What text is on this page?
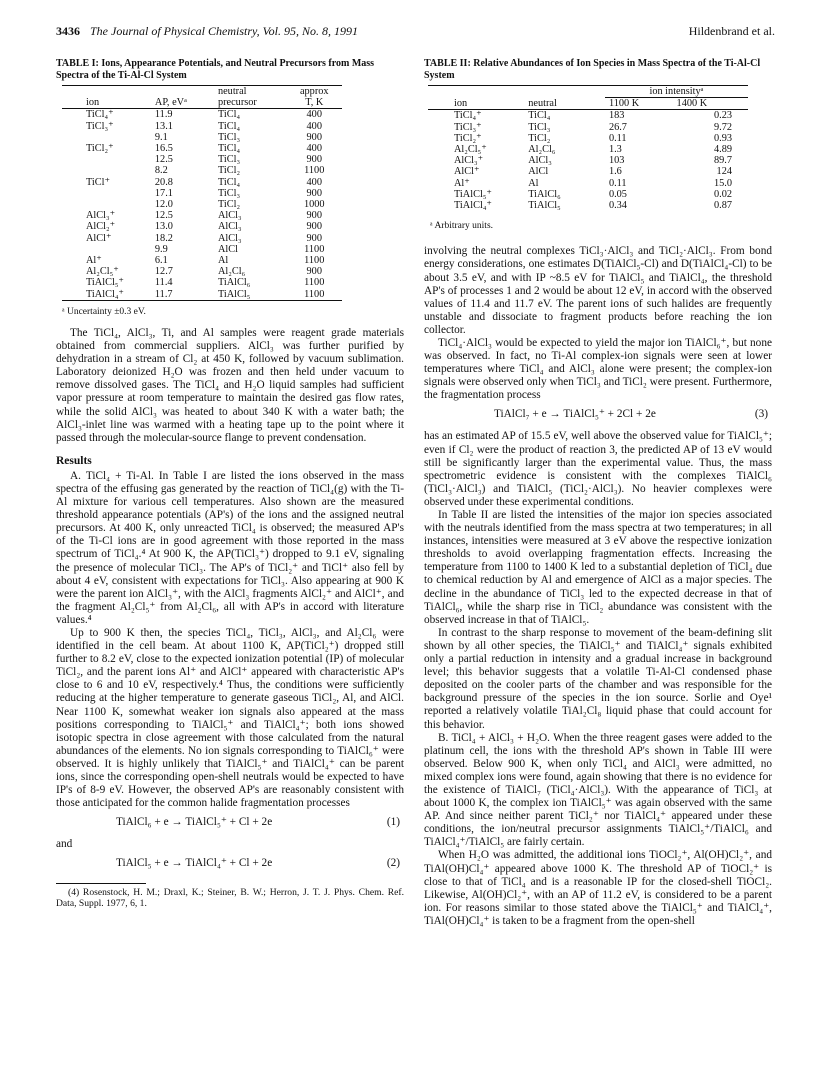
3436 The Journal of Physical Chemistry, Vol. 95, No. 8, 1991	Hildenbrand et al.
TABLE I: Ions, Appearance Potentials, and Neutral Precursors from Mass Spectra of the Ti-Al-Cl System
		neutral	approx
ion	AP, eVᵃ	precursor	T, K
TiCl₄⁺	11.9	TiCl₄	400
TiCl₃⁺	13.1	TiCl₄	400
	9.1	TiCl₃	900
TiCl₂⁺	16.5	TiCl₄	400
	12.5	TiCl₃	900
	8.2	TiCl₂	1100
TiCl⁺	20.8	TiCl₄	400
	17.1	TiCl₃	900
	12.0	TiCl₂	1000
AlCl₃⁺	12.5	AlCl₃	900
AlCl₂⁺	13.0	AlCl₃	900
AlCl⁺	18.2	AlCl₃	900
	9.9	AlCl	1100
Al⁺	6.1	Al	1100
Al₂Cl₅⁺	12.7	Al₂Cl₆	900
TiAlCl₅⁺	11.4	TiAlCl₆	1100
TiAlCl₄⁺	11.7	TiAlCl₅	1100
ᵃ Uncertainty ±0.3 eV.

The TiCl₄, AlCl₃, Ti, and Al samples were reagent grade materials obtained from commercial suppliers. AlCl₃ was further purified by dehydration in a stream of Cl₂ at 450 K, followed by vacuum sublimation. Laboratory deionized H₂O was frozen and then held under vacuum to remove dissolved gases. The TiCl₄ and H₂O liquid samples had sufficient vapor pressure at room temperature to maintain the desired gas flow rates, while the solid AlCl₃ was heated to about 340 K with a water bath; the AlCl₃-inlet line was warmed with a heating tape up to the point where it passed through the molecular-source flange to prevent condensation.

Results

A. TiCl₄ + Ti-Al. In Table I are listed the ions observed in the mass spectra of the effusing gas generated by the reaction of TiCl₄(g) with the Ti-Al mixture for various cell temperatures. Also shown are the measured threshold appearance potentials (AP's) of the ions and the assigned neutral precursors. At 400 K, only unreacted TiCl₄ is observed; the measured AP's of the Ti-Cl ions are in good agreement with those reported in the mass spectrum of TiCl₄.⁴ At 900 K, the AP(TiCl₃⁺) dropped to 9.1 eV, signaling the presence of molecular TiCl₃. The AP's of TiCl₂⁺ and TiCl⁺ also fell by about 4 eV, consistent with expectations for TiCl₃. Also appearing at 900 K were the parent ion AlCl₃⁺, with the AlCl₃ fragments AlCl₂⁺ and AlCl⁺, and the fragment Al₂Cl₅⁺ from Al₂Cl₆, all with AP's in accord with literature values.⁴

Up to 900 K then, the species TiCl₄, TiCl₃, AlCl₃, and Al₂Cl₆ were identified in the cell beam. At about 1100 K, AP(TiCl₂⁺) dropped still further to 8.2 eV, close to the expected ionization potential (IP) of molecular TiCl₂, and the parent ions Al⁺ and AlCl⁺ appeared with characteristic AP's close to 6 and 10 eV, respectively.⁴ Thus, the conditions were sufficiently reducing at the higher temperature to generate gaseous TiCl₂, Al, and AlCl. Near 1100 K, somewhat weaker ion signals also appeared at the mass positions corresponding to TiAlCl₅⁺ and TiAlCl₄⁺; both ions showed isotopic spectra in close agreement with those calculated from the natural abundances of the elements. No ion signals corresponding to TiAlCl₆⁺ were observed. It is highly unlikely that TiAlCl₅⁺ and TiAlCl₄⁺ can be parent ions, since the corresponding open-shell neutrals would be expected to have IP's of 8-9 eV. However, the observed AP's are reasonably consistent with those anticipated for the common halide fragmentation processes

TiAlCl₆ + e → TiAlCl₅⁺ + Cl + 2e	(1)

and

TiAlCl₅ + e → TiAlCl₄⁺ + Cl + 2e	(2)
(4) Rosenstock, H. M.; Draxl, K.; Steiner, B. W.; Herron, J. T. J. Phys. Chem. Ref. Data, Suppl. 1977, 6, 1.
TABLE II: Relative Abundances of Ion Species in Mass Spectra of the Ti-Al-Cl System
		ion intensityᵃ	
ion	neutral	1100 K	1400 K
TiCl₄⁺	TiCl₄	183	0.23
TiCl₃⁺	TiCl₃	26.7	9.72
TiCl₂⁺	TiCl₂	0.11	0.93
Al₂Cl₅⁺	Al₂Cl₆	1.3	4.89
AlCl₃⁺	AlCl₃	103	89.7
AlCl⁺	AlCl	1.6	124
Al⁺	Al	0.11	15.0
TiAlCl₅⁺	TiAlCl₆	0.05	0.02
TiAlCl₄⁺	TiAlCl₅	0.34	0.87
ᵃ Arbitrary units.

involving the neutral complexes TiCl₃·AlCl₃ and TiCl₂·AlCl₃. From bond energy considerations, one estimates D(TiAlCl₅-Cl) and D(TiAlCl₄-Cl) to be about 3.5 eV, and with IP ~8.5 eV for TiAlCl₅ and TiAlCl₄, the threshold AP's of processes 1 and 2 would be about 12 eV, in accord with the observed values of 11.4 and 11.7 eV. The parent ions of such halides are frequently unstable and dissociate to fragment products before reaching the ion collector.

TiCl₄·AlCl₃ would be expected to yield the major ion TiAlCl₆⁺, but none was observed. In fact, no Ti-Al complex-ion signals were seen at lower temperatures where TiCl₄ and AlCl₃ alone were present; the complex-ion signals were observed only when TiCl₃ and TiCl₂ were present. Furthermore, the fragmentation process

TiAlCl₇ + e → TiAlCl₅⁺ + 2Cl + 2e	(3)

has an estimated AP of 15.5 eV, well above the observed value for TiAlCl₅⁺; even if Cl₂ were the product of reaction 3, the predicted AP of 13 eV would still be significantly larger than the experimental value. Thus, the mass spectrometric evidence is consistent with the complexes TiAlCl₆ (TiCl₃·AlCl₃) and TiAlCl₅ (TiCl₂·AlCl₃). No heavier complexes were observed under these experimental conditions.

In Table II are listed the intensities of the major ion species associated with the neutrals identified from the mass spectra at two temperatures; in all instances, intensities were measured at 3 eV above the respective ionization thresholds to avoid overlapping fragmentation effects. Increasing the temperature from 1100 to 1400 K led to a substantial depletion of TiCl₄ due to chemical reduction by Al and emergence of AlCl as a major species. The decline in the abundance of TiCl₃ led to the expected decrease in that of TiAlCl₆, while the sharp rise in TiCl₂ abundance was consistent with the observed increase in that of TiAlCl₅.

In contrast to the sharp response to movement of the beam-defining slit shown by all other species, the TiAlCl₅⁺ and TiAlCl₄⁺ signals exhibited only a partial reduction in intensity and a gradual increase in background level; this behavior suggests that a volatile Ti-Al-Cl condensed phase deposited on the cooler parts of the chamber and was responsible for the background pressure of the species in the ion source. Sorlie and Oye¹ reported a relatively volatile TiAl₂Cl₈ liquid phase that could account for this behavior.

B. TiCl₄ + AlCl₃ + H₂O. When the three reagent gases were added to the platinum cell, the ions with the threshold AP's shown in Table III were observed. Below 900 K, when only TiCl₄ and AlCl₃ were admitted, no mixed complex ions were found, again showing that there is no evidence for the existence of TiAlCl₇ (TiCl₄·AlCl₃). With the appearance of TiCl₃ at about 1000 K, the complex ion TiAlCl₅⁺ was again observed with the same AP. And since neither parent TiCl₂⁺ nor TiAlCl₄⁺ appeared under these conditions, the ion/neutral precursor assignments TiAlCl₅⁺/TiAlCl₆ and TiAlCl₄⁺/TiAlCl₅ are fairly certain.

When H₂O was admitted, the additional ions TiOCl₂⁺, Al(OH)Cl₂⁺, and TiAl(OH)Cl₄⁺ appeared above 1000 K. The threshold AP of TiOCl₂⁺ is close to that of TiCl₄ and is a reasonable IP for the closed-shell TiOCl₂. Likewise, Al(OH)Cl₂⁺, with an AP of 11.2 eV, is considered to be a parent ion. For reasons similar to those stated above the TiAlCl₅⁺ and TiAlCl₄⁺, TiAl(OH)Cl₄⁺ is taken to be a fragment from the open-shell
